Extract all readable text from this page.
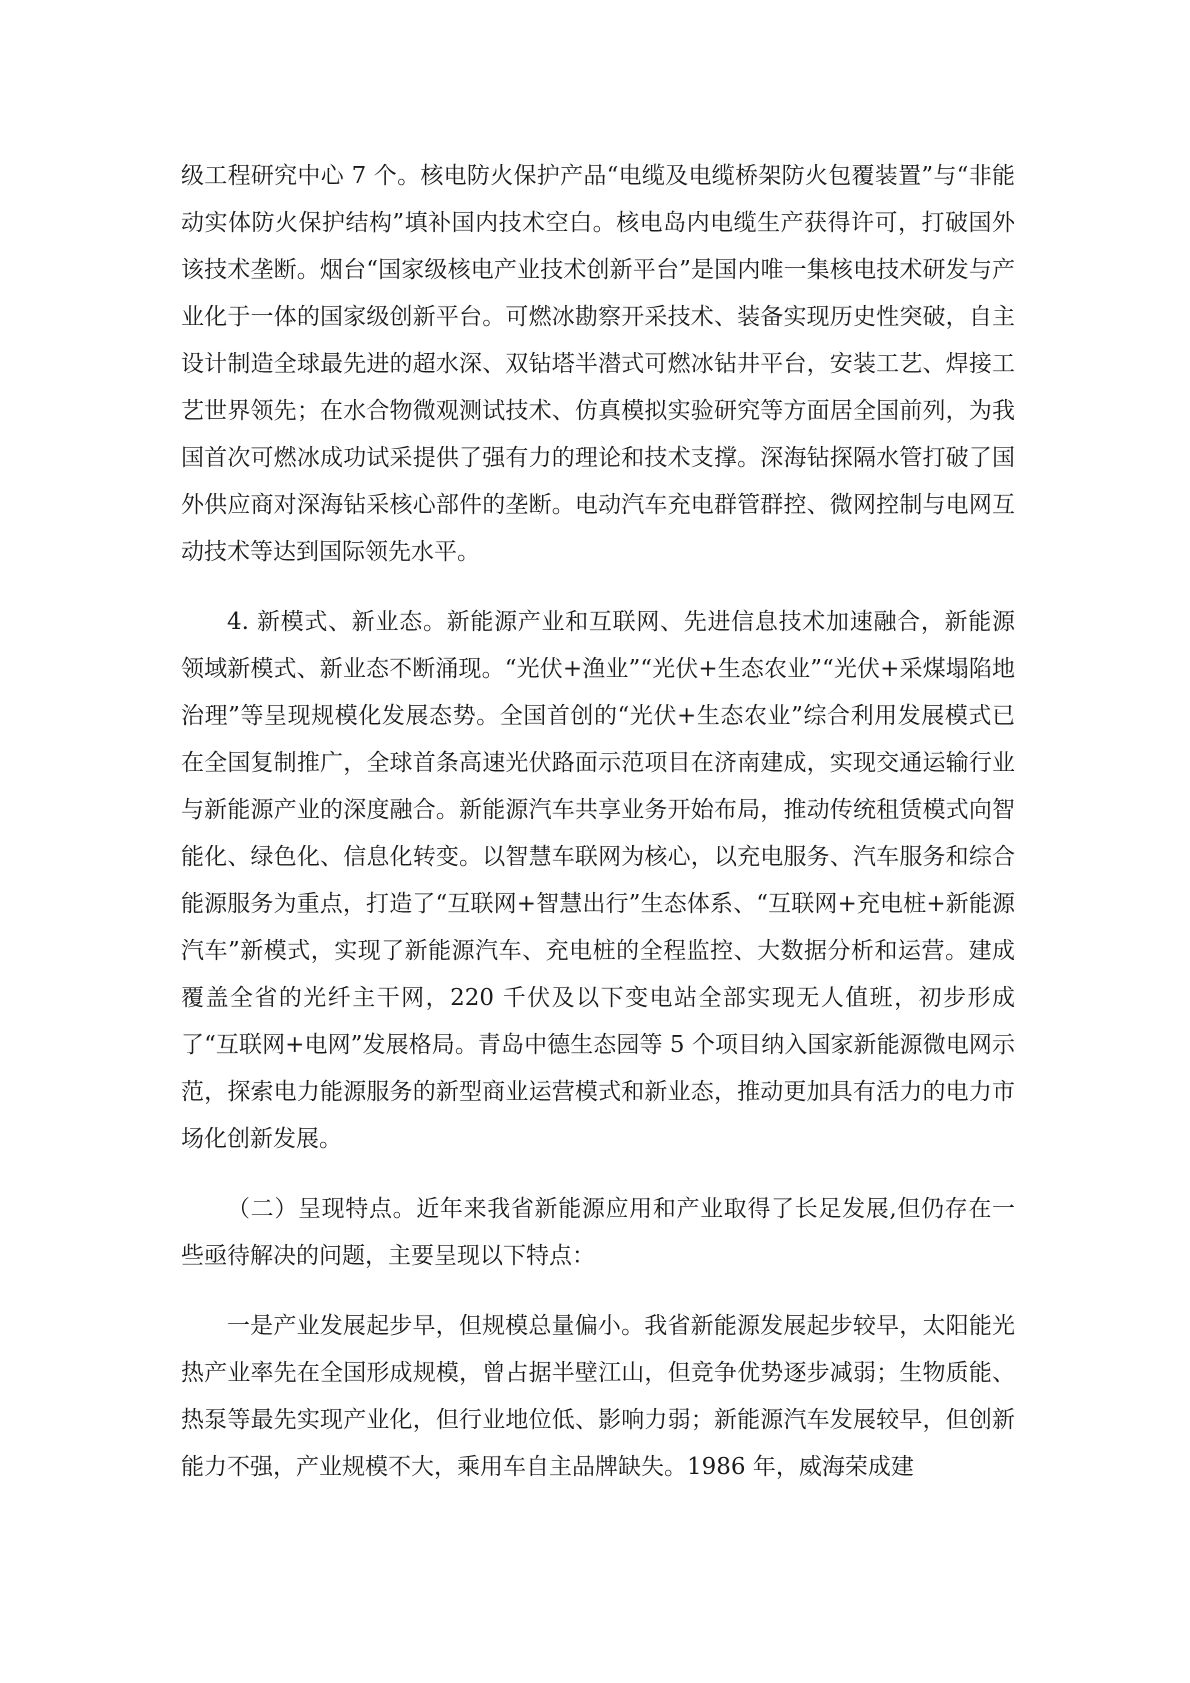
级工程研究中心 7 个。核电防火保护产品“电缆及电缆桥架防火包覆装置”与“非能动实体防火保护结构”填补国内技术空白。核电岛内电缆生产获得许可，打破国外该技术垄断。烟台“国家级核电产业技术创新平台”是国内唯一集核电技术研发与产业化于一体的国家级创新平台。可燃冰勘察开采技术、装备实现历史性突破，自主设计制造全球最先进的超水深、双钻塔半潜式可燃冰钻井平台，安装工艺、焊接工艺世界领先；在水合物微观测试技术、仿真模拟实验研究等方面居全国前列，为我国首次可燃冰成功试采提供了强有力的理论和技术支撑。深海钻探隔水管打破了国外供应商对深海钻采核心部件的垄断。电动汽车充电群管群控、微网控制与电网互动技术等达到国际领先水平。

4. 新模式、新业态。新能源产业和互联网、先进信息技术加速融合，新能源领域新模式、新业态不断涌现。“光伏+渔业”“光伏+生态农业”“光伏+采煤塌陷地治理”等呈现规模化发展态势。全国首创的“光伏+生态农业”综合利用发展模式已在全国复制推广，全球首条高速光伏路面示范项目在济南建成，实现交通运输行业与新能源产业的深度融合。新能源汽车共享业务开始布局，推动传统租赁模式向智能化、绿色化、信息化转变。以智慧车联网为核心，以充电服务、汽车服务和综合能源服务为重点，打造了“互联网+智慧出行”生态体系、“互联网+充电桩+新能源汽车”新模式，实现了新能源汽车、充电桩的全程监控、大数据分析和运营。建成覆盖全省的光纤主干网，220 千伏及以下变电站全部实现无人值班，初步形成了“互联网+电网”发展格局。青岛中德生态园等 5 个项目纳入国家新能源微电网示范，探索电力能源服务的新型商业运营模式和新业态，推动更加具有活力的电力市场化创新发展。

（二）呈现特点。近年来我省新能源应用和产业取得了长足发展,但仍存在一些亟待解决的问题，主要呈现以下特点：

一是产业发展起步早，但规模总量偏小。我省新能源发展起步较早，太阳能光热产业率先在全国形成规模，曾占据半壁江山，但竞争优势逐步减弱；生物质能、热泵等最先实现产业化，但行业地位低、影响力弱；新能源汽车发展较早，但创新能力不强，产业规模不大，乘用车自主品牌缺失。1986 年，威海荣成建
